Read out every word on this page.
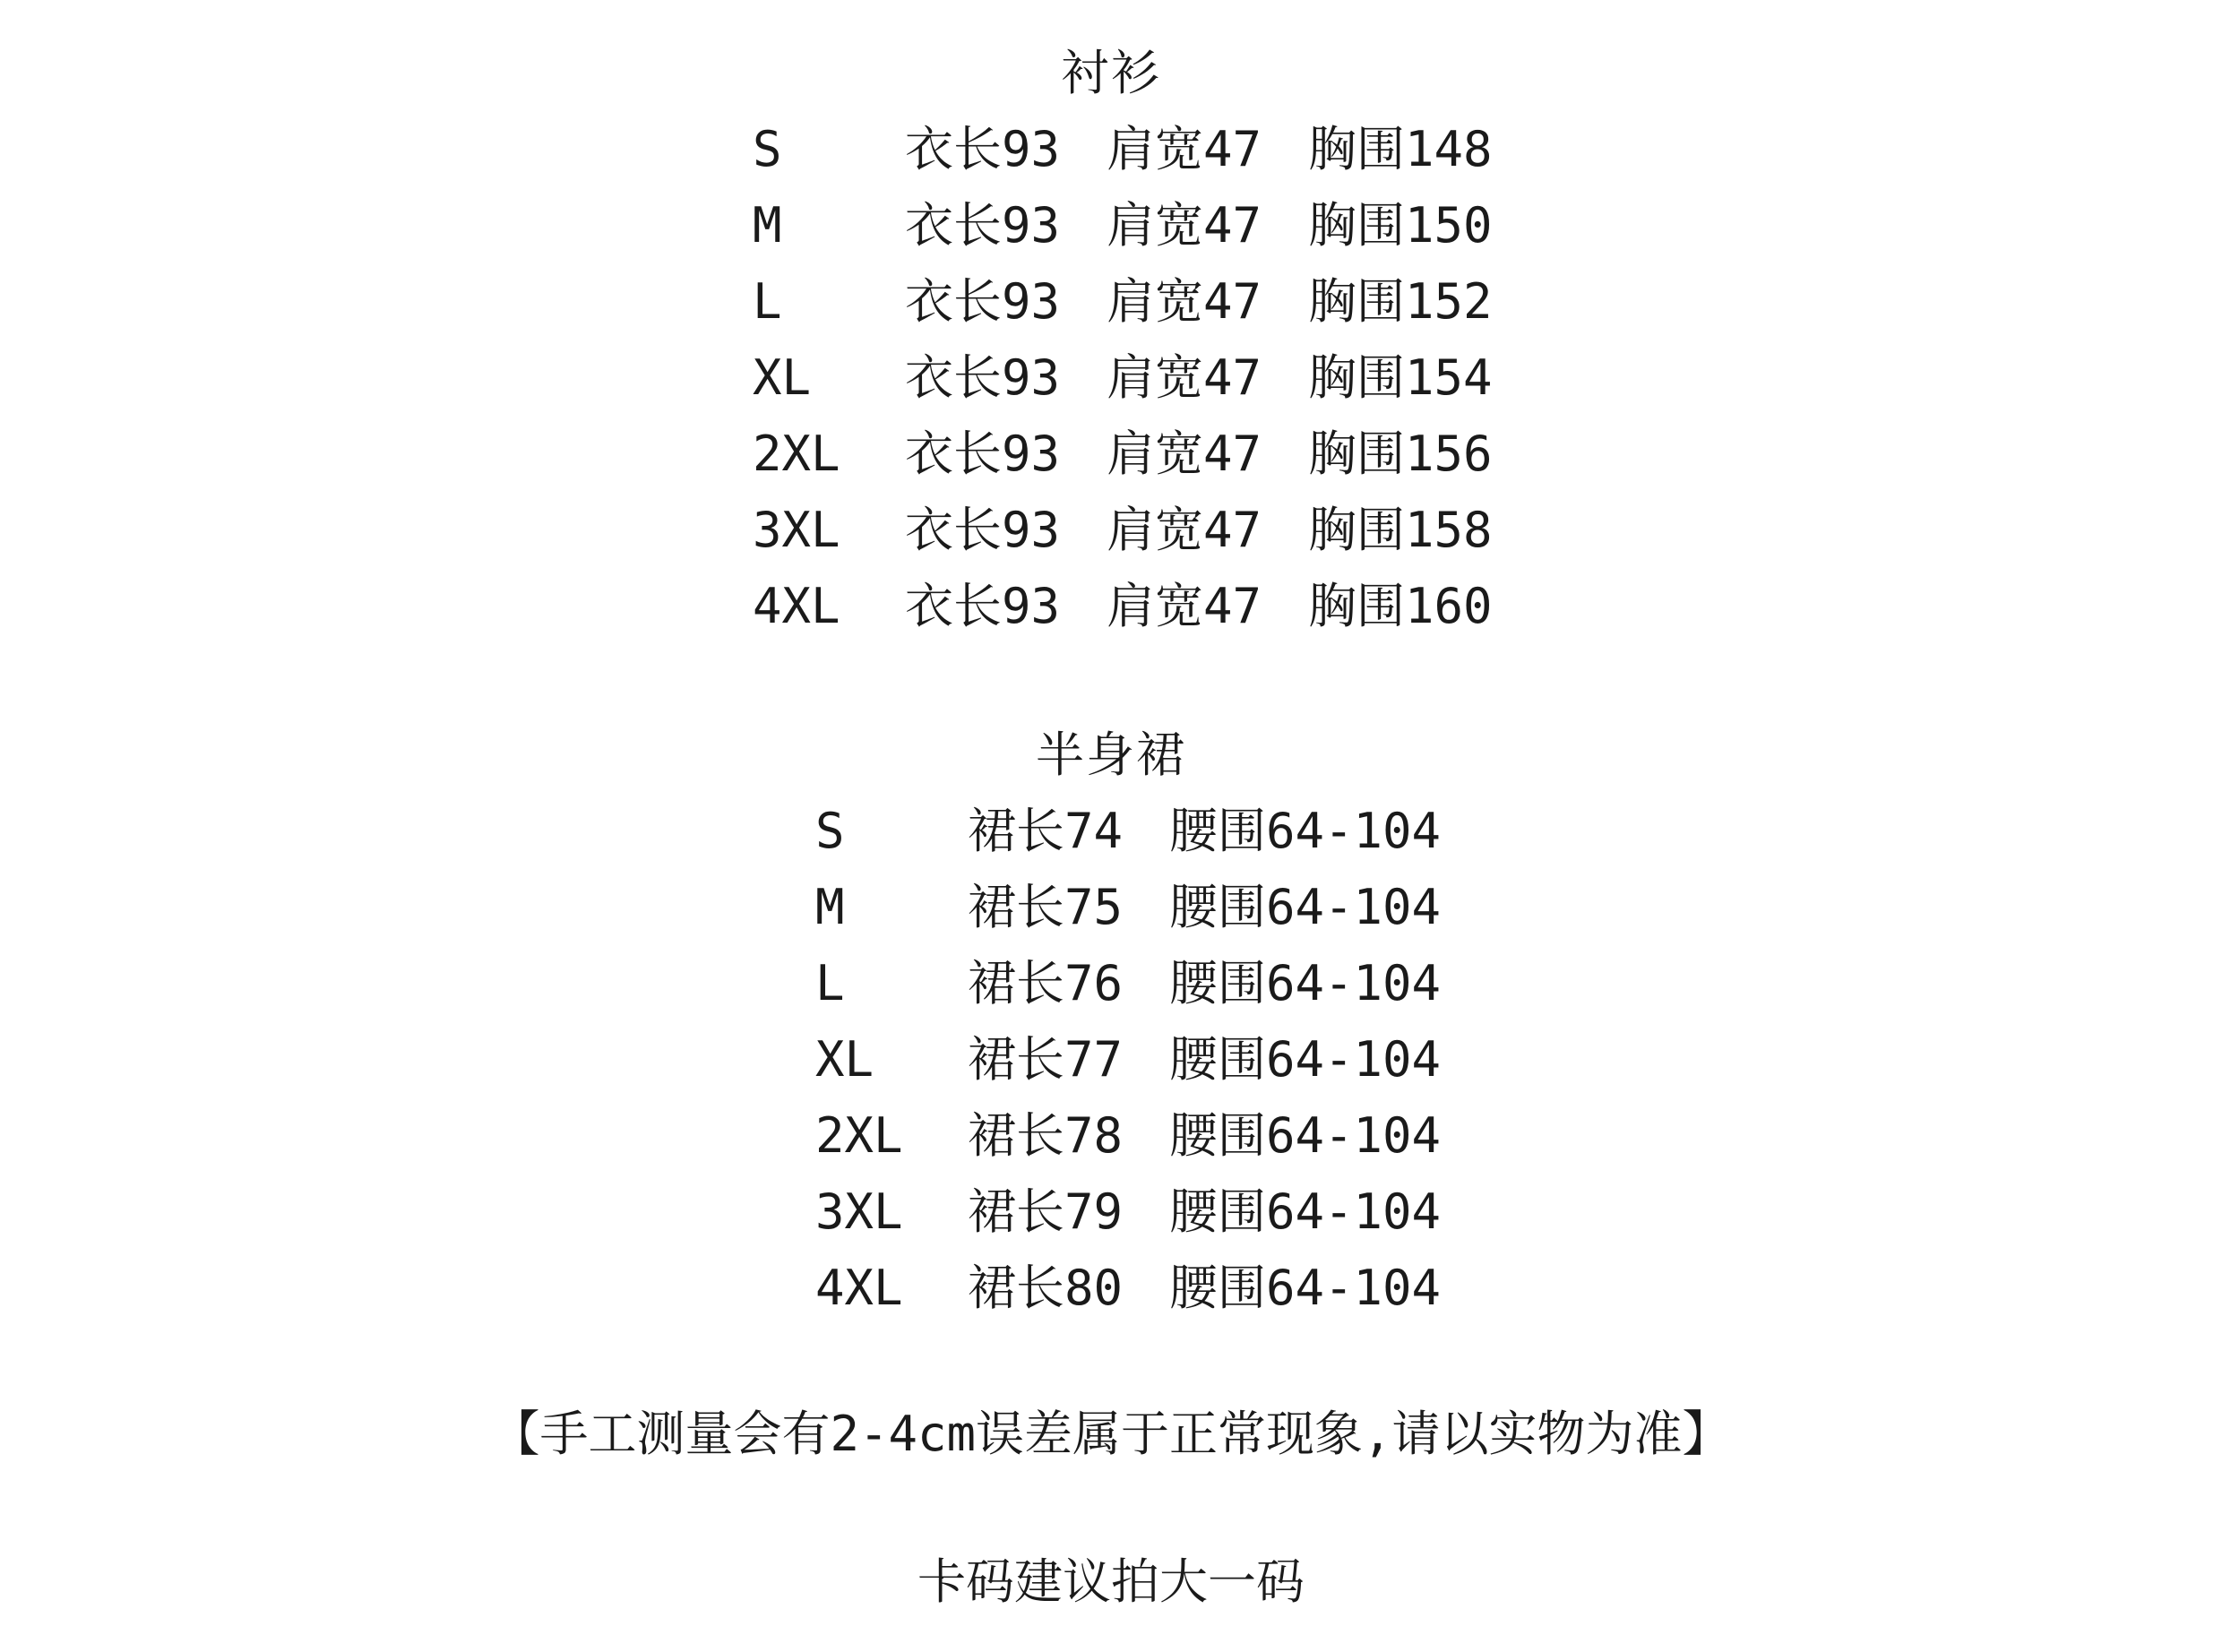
衬衫
S	衣长93 肩宽47 胸围148
M	衣长93 肩宽47 胸围150
L	衣长93 肩宽47 胸围152
XL 衣长93 肩宽47 胸围154
2XL 衣长93 肩宽47 胸围156
3XL 衣长93 肩宽47 胸围158
4XL 衣长93 肩宽47 胸围160
半身裙
S	裙长74 腰围64-104
M	裙长75 腰围64-104
L	裙长76 腰围64-104
XL 裙长77 腰围64-104
2XL 裙长78 腰围64-104
3XL 裙长79 腰围64-104
4XL 裙长80 腰围64-104
【手工测量会有2-4cm误差属于正常现象,请以实物为准】
卡码建议拍大一码
